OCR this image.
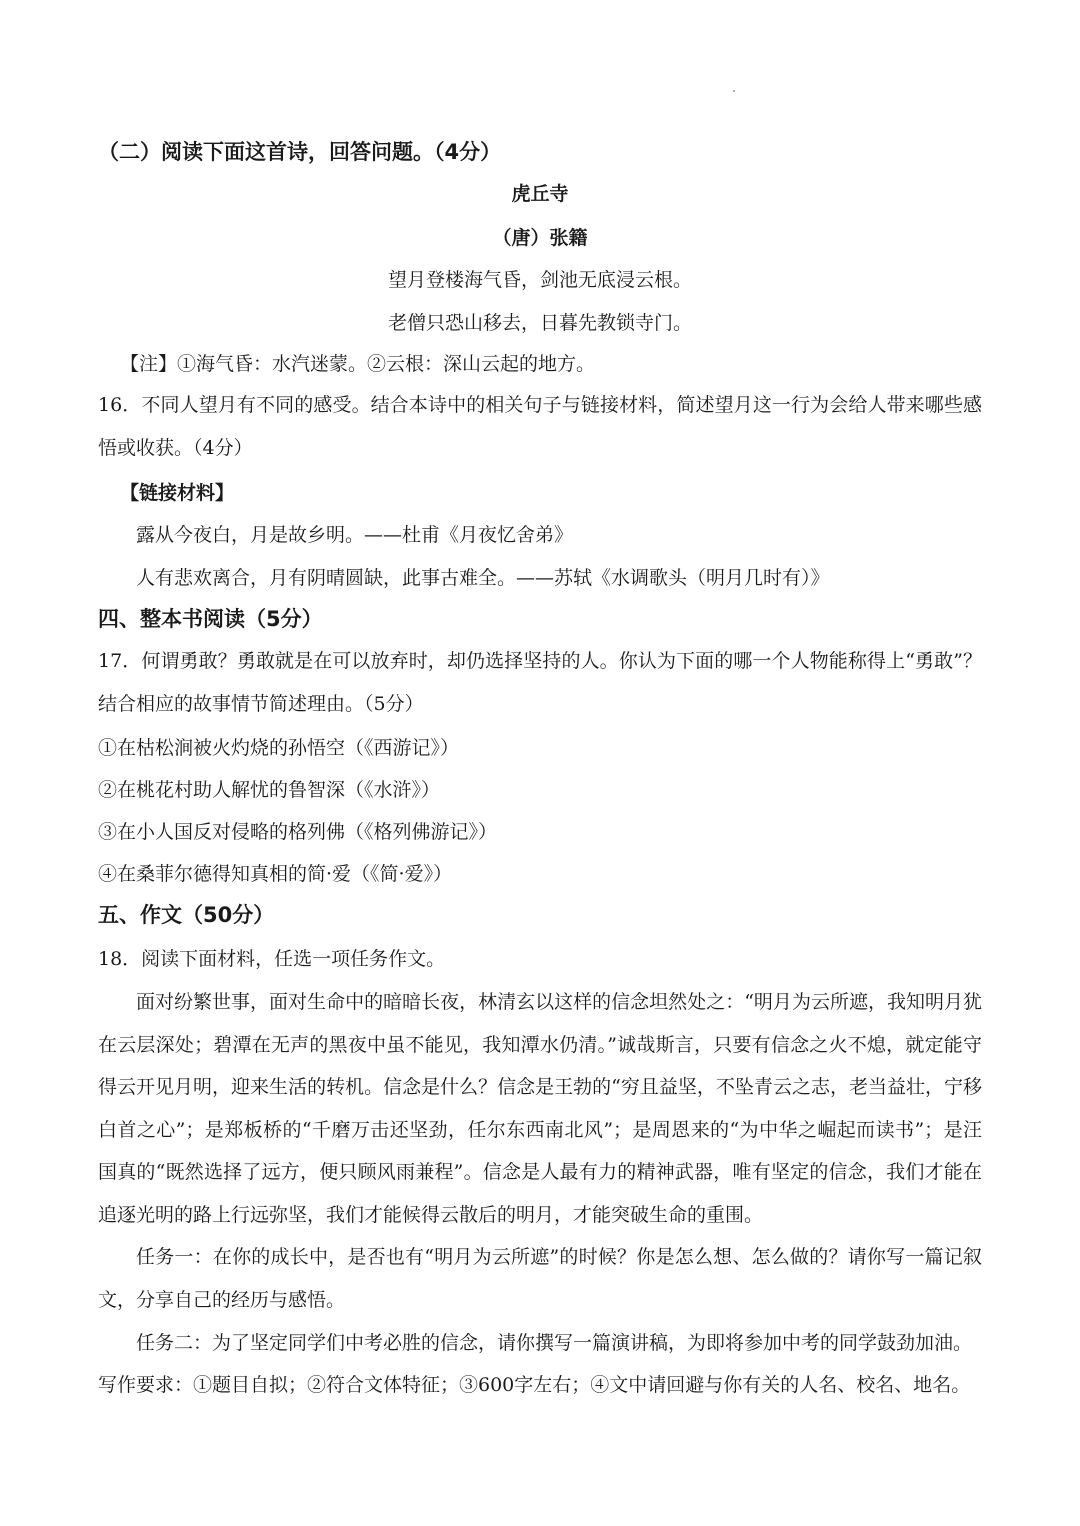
（二）阅读下面这首诗，回答问题。（4分）
虎丘寺
（唐）张籍
望月登楼海气昏，剑池无底浸云根。
老僧只恐山移去，日暮先教锁寺门。
【注】①海气昏：水汽迷蒙。②云根：深山云起的地方。
16．不同人望月有不同的感受。结合本诗中的相关句子与链接材料，简述望月这一行为会给人带来哪些感悟或收获。（4分）
【链接材料】
露从今夜白，月是故乡明。——杜甫《月夜忆舍弟》
人有悲欢离合，月有阴晴圆缺，此事古难全。——苏轼《水调歌头（明月几时有）》
四、整本书阅读（5分）
17．何谓勇敢？勇敢就是在可以放弃时，却仍选择坚持的人。你认为下面的哪一个人物能称得上“勇敢”？结合相应的故事情节简述理由。（5分）
①在枯松涧被火灼烧的孙悟空（《西游记》）
②在桃花村助人解忧的鲁智深（《水浒》）
③在小人国反对侵略的格列佛（《格列佛游记》）
④在桑菲尔德得知真相的简·爱（《简·爱》）
五、作文（50分）
18．阅读下面材料，任选一项任务作文。
面对纷繁世事，面对生命中的暗暗长夜，林清玄以这样的信念坦然处之：“明月为云所遮，我知明月犹在云层深处；碧潭在无声的黑夜中虽不能见，我知潭水仍清。”诚哉斯言，只要有信念之火不熄，就定能守得云开见月明，迎来生活的转机。信念是什么？信念是王勃的“穷且益坚，不坠青云之志，老当益壮，宁移白首之心”；是郑板桥的“千磨万击还坚劲，任尔东西南北风”；是周恩来的“为中华之崛起而读书”；是汪国真的“既然选择了远方，便只顾风雨兼程”。信念是人最有力的精神武器，唯有坚定的信念，我们才能在追逐光明的路上行远弥坚，我们才能候得云散后的明月，才能突破生命的重围。
任务一：在你的成长中，是否也有“明月为云所遮”的时候？你是怎么想、怎么做的？请你写一篇记叙文，分享自己的经历与感悟。
任务二：为了坚定同学们中考必胜的信念，请你撰写一篇演讲稿，为即将参加中考的同学鼓劲加油。
写作要求：①题目自拟；②符合文体特征；③600字左右；④文中请回避与你有关的人名、校名、地名。
